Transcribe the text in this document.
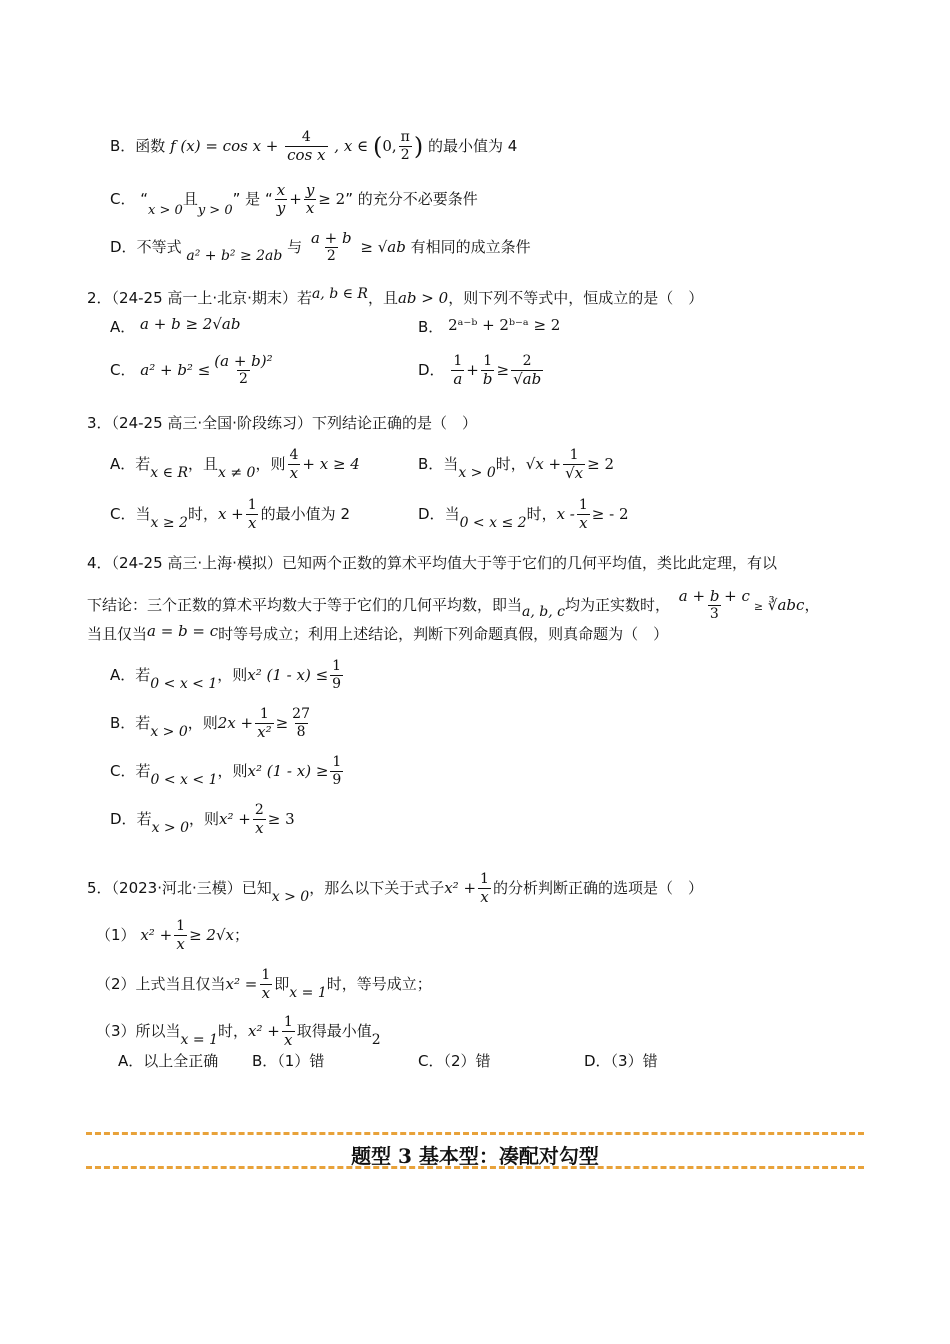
B．函数 f $(x) = \cos x + \frac{4}{\text{cos x}}$ , x ∈ (0, $\frac{\pi}{2}$ ) 的最小值为 4
C． “x > 0且y > 0” 是 “ $\frac{x}{y} + \frac{y}{x} \ge 2$” 的充分不必要条件
D．不等式 a² + b² ≥ 2ab 与 $\frac{a + b}{2} \ge √ab$ 有相同的成立条件
2．（24-25 高一上·北京·期末）若a, b ∈ R，且ab > 0，则下列不等式中，恒成立的是（　）
A． a + b ≥ 2√ab	B． 2ᵃ⁻ᵇ + 2ᵇ⁻ᵃ ≥ 2
C． $a^2 + b^2 \le \frac{\text{(a + b)²}}{2}$	D． $\frac{1}{a} + \frac{1}{b} \ge \frac{2}{√ab}$
3．（24-25 高三·全国·阶段练习）下列结论正确的是（　）
A．若x ∈ R，且x ≠ 0，则 $\frac{4}{x} + x \ge 4$	B．当x > 0时，$√x + \frac{1}{√x} \ge 2$
C．当x ≥ 2时，$x + \frac{1}{x}$ 的最小值为 2	D．当0 < x ≤ 2时，x - $\frac{1}{x}$ ≥ - 2
4．（24-25 高三·上海·模拟）已知两个正数的算术平均值大于等于它们的几何平均值，类比此定理，有以
下结论：三个正数的算术平均数大于等于它们的几何平均数，即当a, b, c均为正实数时， $\frac{a + b + c}{3}$ ≥ ∛abc，
当且仅当a = b = c时等号成立；利用上述结论，判断下列命题真假，则真命题为（　）
A．若0 < x < 1，则x² $(1 - x) \le \frac{1}{9}$
B．若x > 0，则$2x + \frac{1}{\text{x²}} \ge \frac{27}{8}$
C．若0 < x < 1，则x² $(1 - x) \ge \frac{1}{9}$
D．若x > 0，则$x^2 + \frac{2}{x} \ge 3$
5．（2023·河北·三模）已知x > 0，那么以下关于式子$x^2 + \frac{1}{x}$ 的分析判断正确的选项是（　）
（1） $x^2 + \frac{1}{x} \ge 2√x$；
（2）上式当且仅当$x^2 = \frac{1}{x}$ 即x = 1时，等号成立；
（3）所以当x = 1时，$x^2 + \frac{1}{x}$ 取得最小值2
A．以上全正确 B．（1）错	C．（2）错	D．（3）错
题型 3 基本型：凑配对勾型
